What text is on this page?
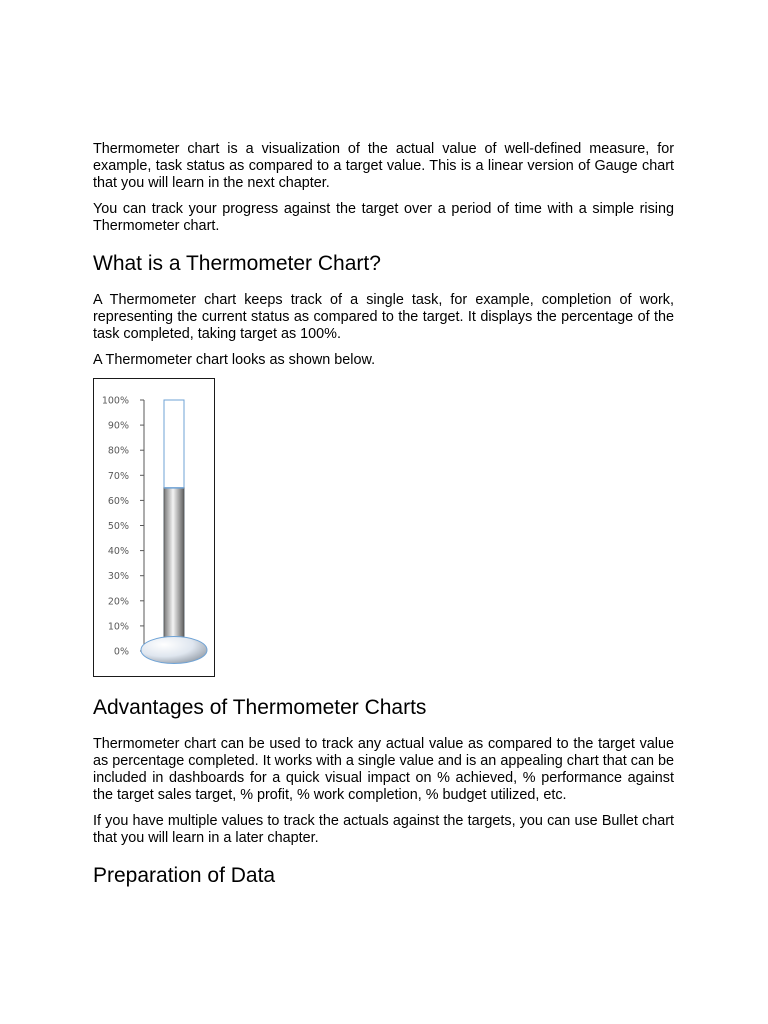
Thermometer chart is a visualization of the actual value of well-defined measure, for example, task status as compared to a target value. This is a linear version of Gauge chart that you will learn in the next chapter.

You can track your progress against the target over a period of time with a simple rising Thermometer chart.

What is a Thermometer Chart?

A Thermometer chart keeps track of a single task, for example, completion of work, representing the current status as compared to the target. It displays the percentage of the task completed, taking target as 100%.

A Thermometer chart looks as shown below.

0%
10%
20%
30%
40%
50%
60%
70%
80%
90%
100%
Advantages of Thermometer Charts

Thermometer chart can be used to track any actual value as compared to the target value as percentage completed. It works with a single value and is an appealing chart that can be included in dashboards for a quick visual impact on % achieved, % performance against the target sales target, % profit, % work completion, % budget utilized, etc.

If you have multiple values to track the actuals against the targets, you can use Bullet chart that you will learn in a later chapter.

Preparation of Data
